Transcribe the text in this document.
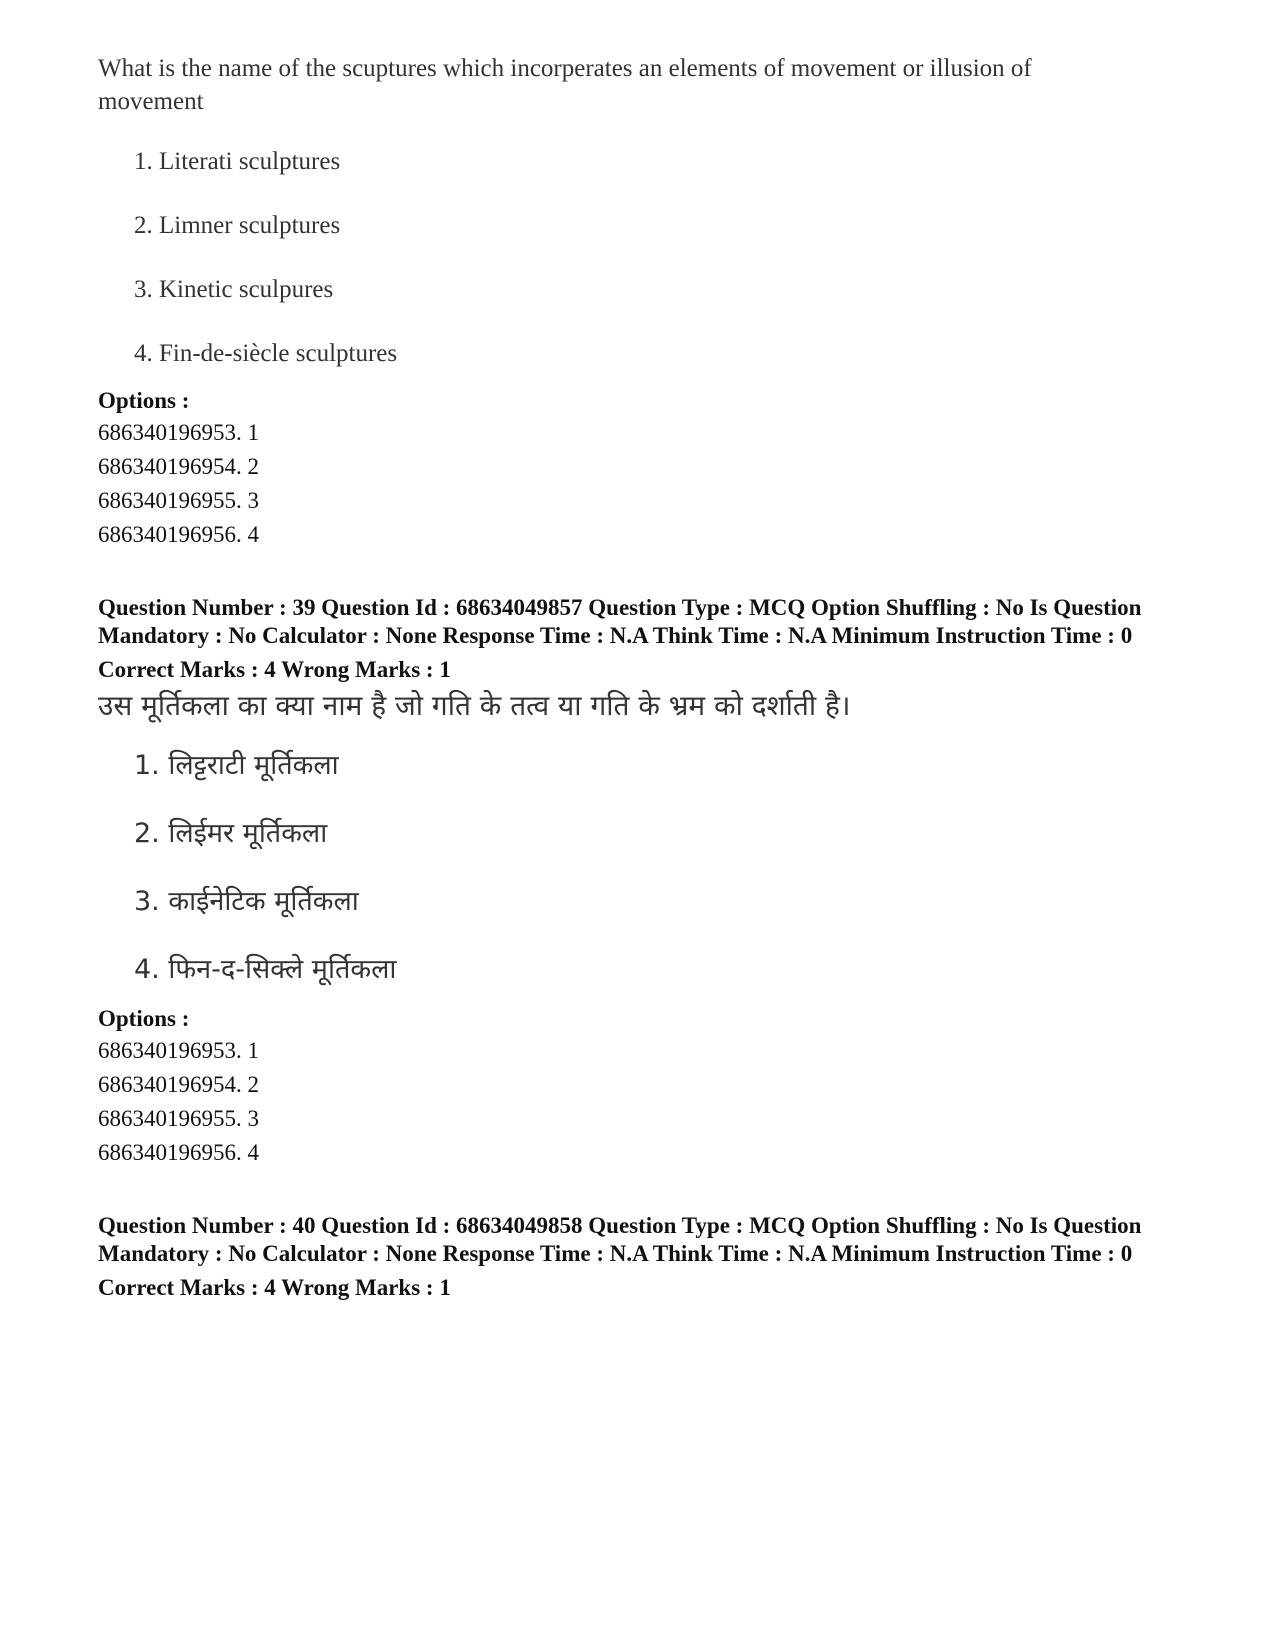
What is the name of the scuptures which incorperates an elements of movement or illusion of movement
1. Literati sculptures
2. Limner sculptures
3. Kinetic sculpures
4. Fin-de-siècle sculptures
Options :
686340196953. 1
686340196954. 2
686340196955. 3
686340196956. 4
Question Number : 39 Question Id : 68634049857 Question Type : MCQ Option Shuffling : No Is Question Mandatory : No Calculator : None Response Time : N.A Think Time : N.A Minimum Instruction Time : 0
Correct Marks : 4 Wrong Marks : 1
उस मूर्तिकला का क्या नाम है जो गति के तत्व या गति के भ्रम को दर्शाती है।
1. लिट्टराटी मूर्तिकला
2. लिईमर मूर्तिकला
3. काईनेटिक मूर्तिकला
4. फिन-द-सिक्ले मूर्तिकला
Options :
686340196953. 1
686340196954. 2
686340196955. 3
686340196956. 4
Question Number : 40 Question Id : 68634049858 Question Type : MCQ Option Shuffling : No Is Question Mandatory : No Calculator : None Response Time : N.A Think Time : N.A Minimum Instruction Time : 0
Correct Marks : 4 Wrong Marks : 1
